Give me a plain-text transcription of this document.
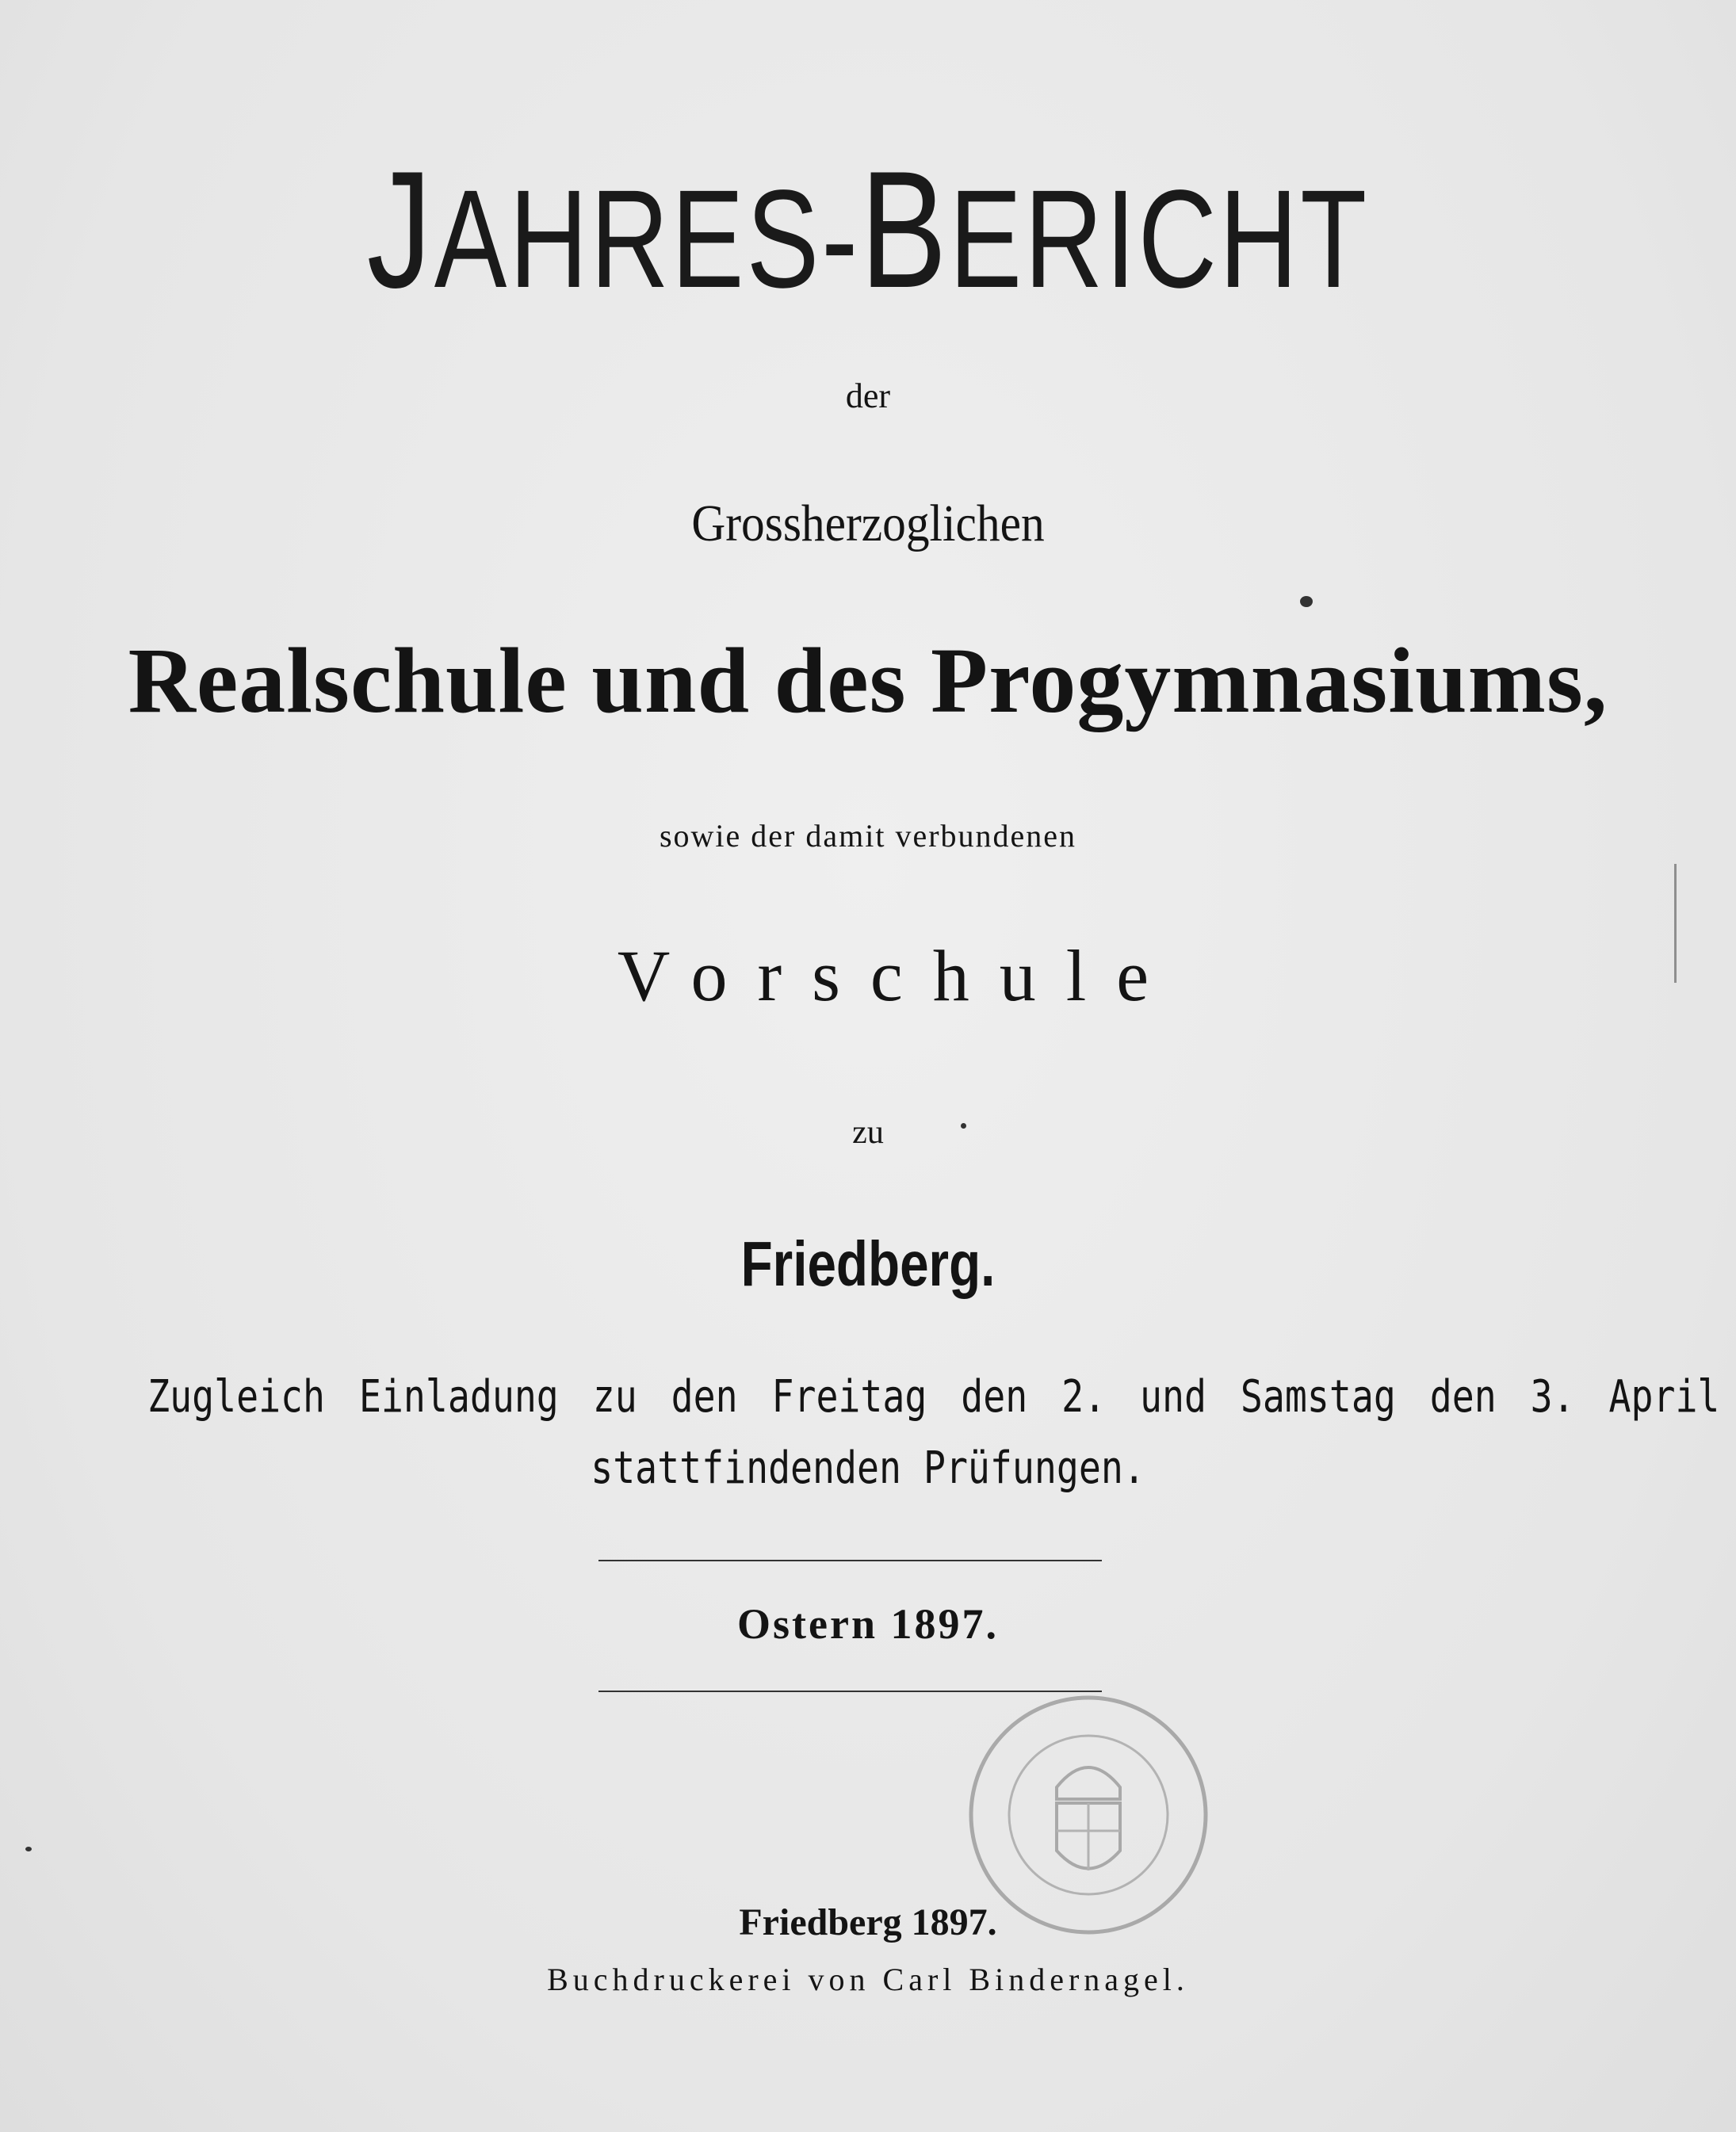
JAHRES-BERICHT
der
Grossherzoglichen
Realschule und des Progymnasiums,
sowie der damit verbundenen
Vorschule
zu
Friedberg.
Zugleich Einladung zu den Freitag den 2. und Samstag den 3. April
stattfindenden Prüfungen.
Ostern 1897.
Friedberg 1897.
Buchdruckerei von Carl Bindernagel.
